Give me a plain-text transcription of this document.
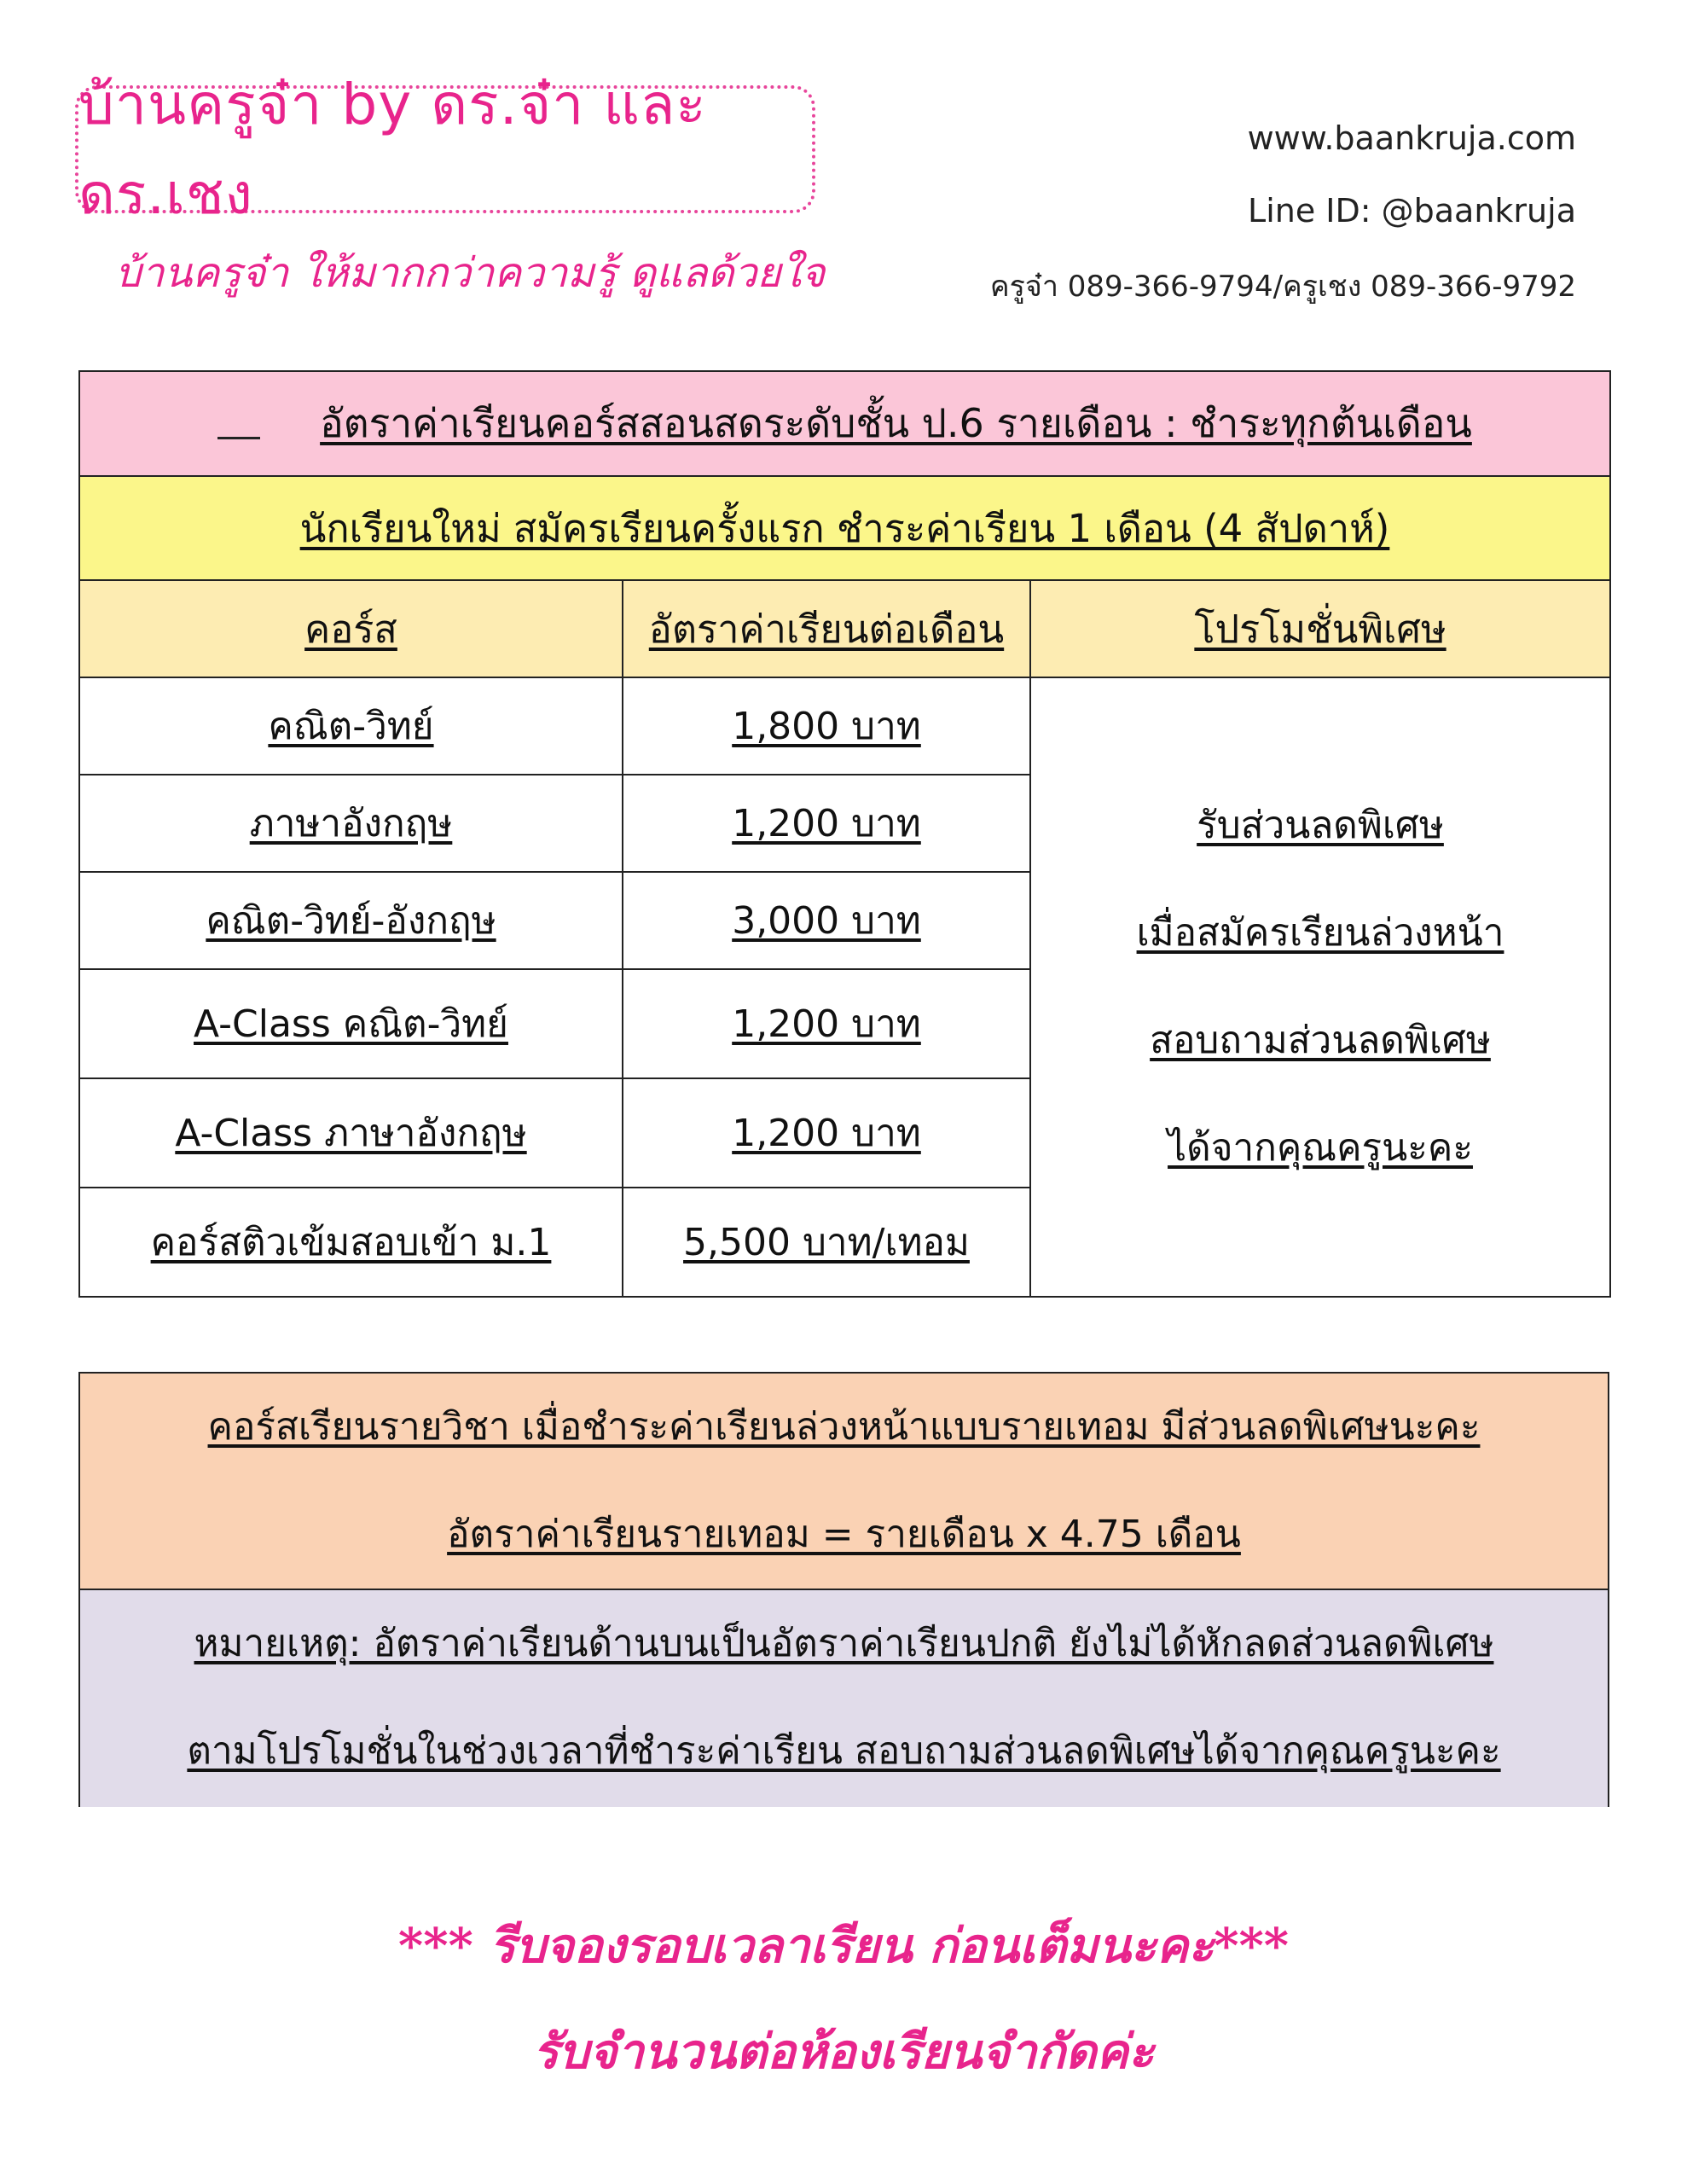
บ้านครูจ๋า by ดร.จ๋า และ ดร.เชง
บ้านครูจ๋า ให้มากกว่าความรู้ ดูแลด้วยใจ
www.baankruja.com
Line ID: @baankruja
ครูจ๋า 089-366-9794/ครูเชง 089-366-9792
อัตราค่าเรียนคอร์สสอนสดระดับชั้น ป.6 รายเดือน : ชำระทุกต้นเดือน		
นักเรียนใหม่ สมัครเรียนครั้งแรก ชำระค่าเรียน 1 เดือน (4 สัปดาห์)		
คอร์ส	อัตราค่าเรียนต่อเดือน	โปรโมชั่นพิเศษ
คณิต-วิทย์	1,800 บาท	รับส่วนลดพิเศษ
เมื่อสมัครเรียนล่วงหน้า
สอบถามส่วนลดพิเศษ
ได้จากคุณครูนะคะ

ภาษาอังกฤษ	1,200 บาท	
คณิต-วิทย์-อังกฤษ	3,000 บาท	
A-Class คณิต-วิทย์	1,200 บาท	
A-Class ภาษาอังกฤษ	1,200 บาท	
คอร์สติวเข้มสอบเข้า ม.1	5,500 บาท/เทอม	

คอร์สเรียนรายวิชา เมื่อชำระค่าเรียนล่วงหน้าแบบรายเทอม มีส่วนลดพิเศษนะคะ

อัตราค่าเรียนรายเทอม = รายเดือน x 4.75 เดือน

หมายเหตุ: อัตราค่าเรียนด้านบนเป็นอัตราค่าเรียนปกติ ยังไม่ได้หักลดส่วนลดพิเศษ

ตามโปรโมชั่นในช่วงเวลาที่ชำระค่าเรียน สอบถามส่วนลดพิเศษได้จากคุณครูนะคะ

*** รีบจองรอบเวลาเรียน ก่อนเต็มนะคะ***
รับจำนวนต่อห้องเรียนจำกัดค่ะ
